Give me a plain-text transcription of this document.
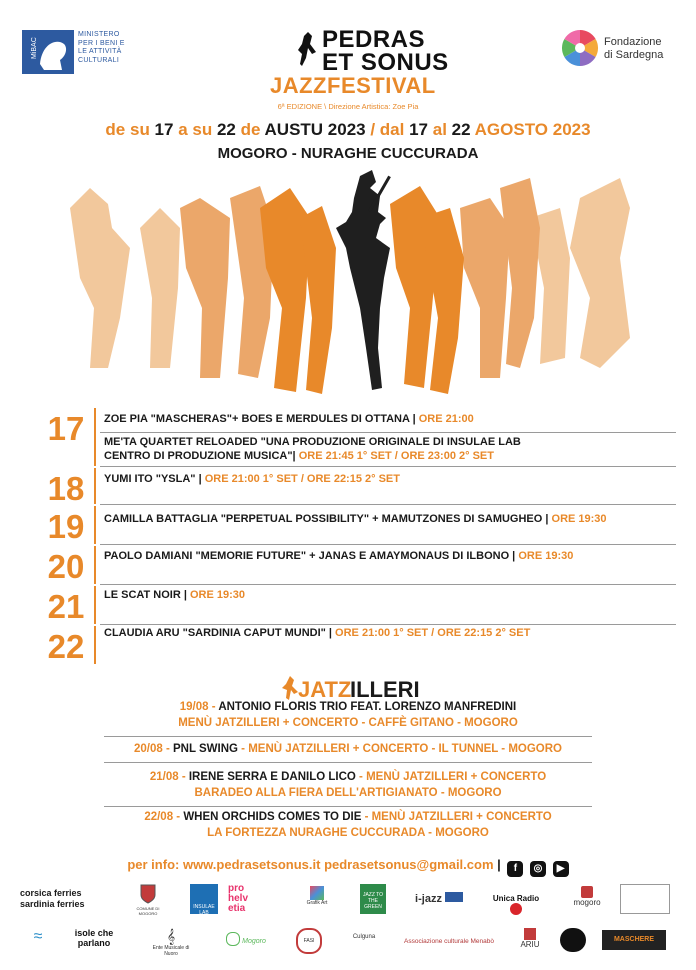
MiBAC
MINISTERO
PER I BENI E
LE ATTIVITÀ
CULTURALI
PEDRAS
ET SONUS
JAZZFESTIVAL
Fondazione
di Sardegna
6ª EDIZIONE \ Direzione Artistica: Zoe Pia
de su 17 a su 22 de AUSTU 2023 / dal 17 al 22 AGOSTO 2023
MOGORO - NURAGHE CUCCURADA
17	ZOE PIA "MASCHERAS"+ BOES E MERDULES DI OTTANA | ORE 21:00
ME'TA QUARTET RELOADED "UNA PRODUZIONE ORIGINALE DI INSULAE LAB
CENTRO DI PRODUZIONE MUSICA"| ORE 21:45 1° SET / ORE 23:00 2° SET
18	YUMI ITO "YSLA" | ORE 21:00 1° SET / ORE 22:15 2° SET
19	CAMILLA BATTAGLIA "PERPETUAL POSSIBILITY" + MAMUTZONES DI SAMUGHEO | ORE 19:30
20	PAOLO DAMIANI "MEMORIE FUTURE" + JANAS E AMAYMONAUS DI ILBONO | ORE 19:30
21	LE SCAT NOIR | ORE 19:30
22	CLAUDIA ARU "SARDINIA CAPUT MUNDI" | ORE 21:00 1° SET / ORE 22:15 2° SET
JATZ
ILLERI
19/08 - ANTONIO FLORIS TRIO FEAT. LORENZO MANFREDINI
MENÙ JATZILLERI + CONCERTO - CAFFÈ GITANO - MOGORO
20/08 - PNL SWING - MENÙ JATZILLERI + CONCERTO - IL TUNNEL - MOGORO
21/08 - IRENE SERRA E DANILO LICO - MENÙ JATZILLERI + CONCERTO
BARADEO ALLA FIERA DELL'ARTIGIANATO - MOGORO
22/08 - WHEN ORCHIDS COMES TO DIE - MENÙ JATZILLERI + CONCERTO
LA FORTEZZA NURAGHE CUCCURADA - MOGORO
per info: www.pedrasetsonus.it pedrasetsonus@gmail.com | f ◎ ▶
corsica ferries
sardinia ferries	COMUNE DI MOGORO
INSULAE LAB
pro
helv
etia	Grafik Art
JAZZ TO THE GREEN
i-jazz	Unica Radio	mogoro
≈	isole che parlano	𝄞
Ente Musicale di Nuoro
Mogoro	FASI
Culguna
Associazione culturale Menabò	ARIU
MASCHERE
